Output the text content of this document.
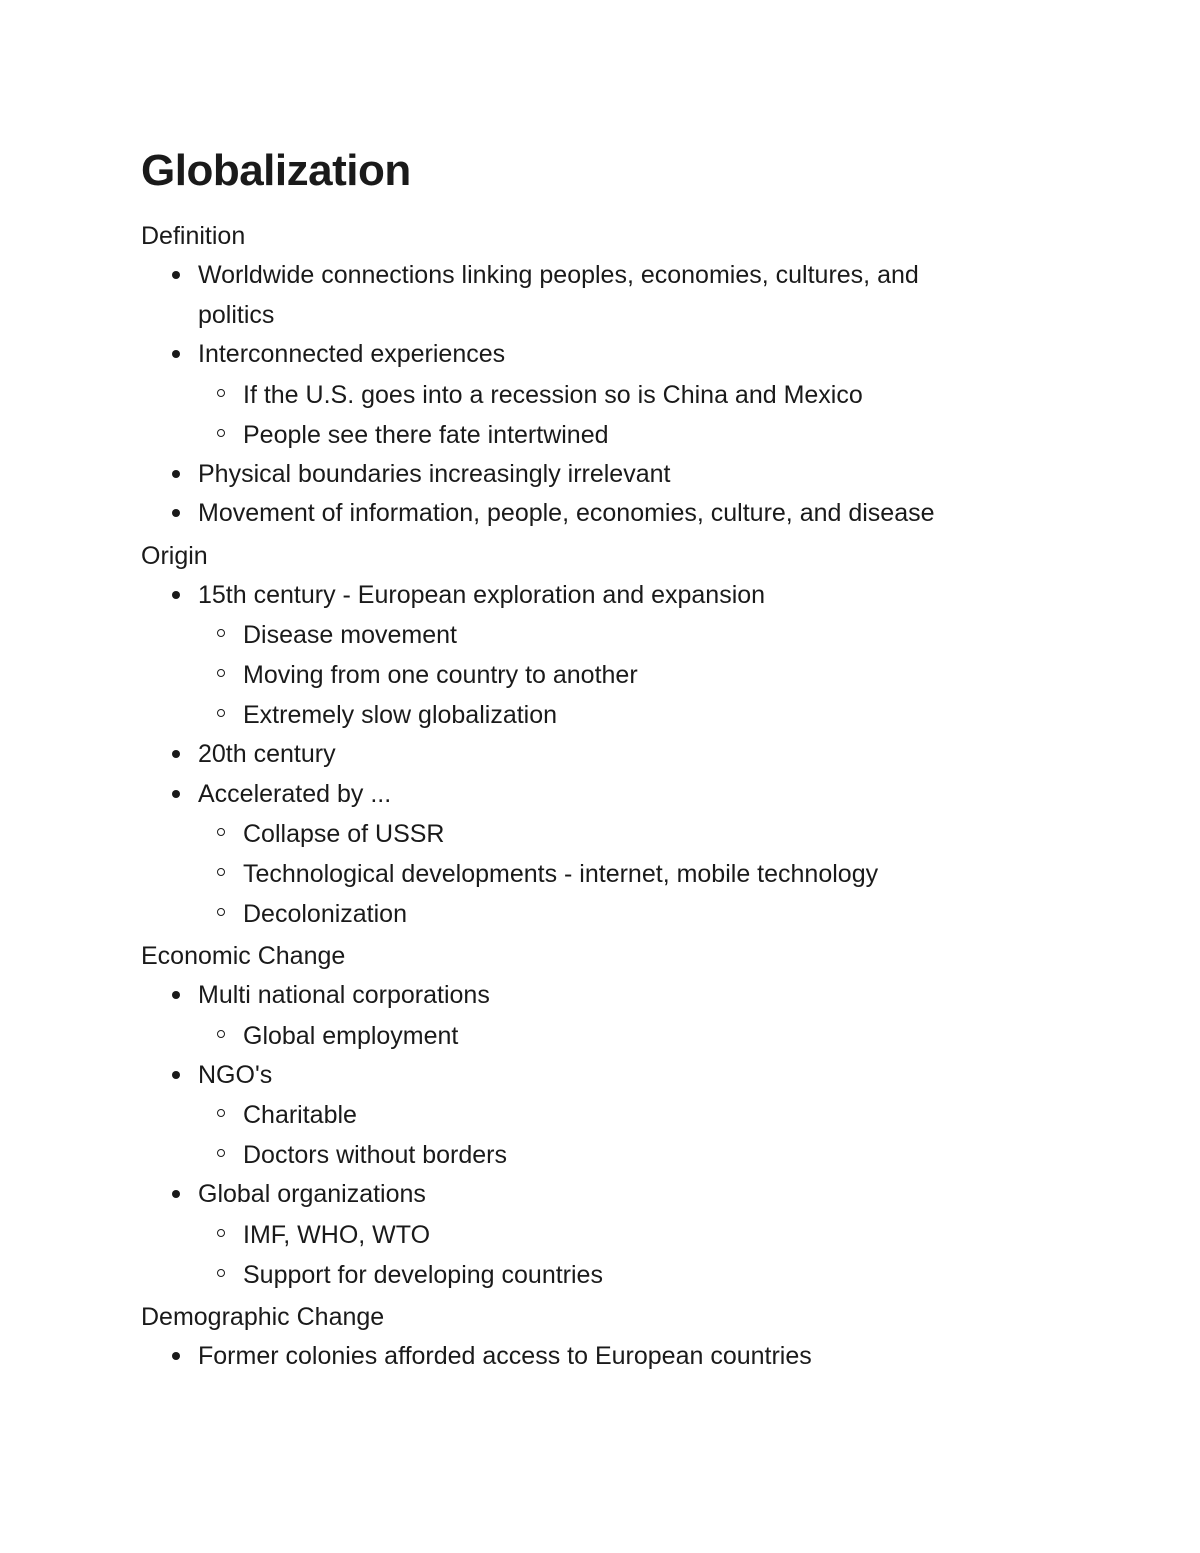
Globalization
Definition
Worldwide connections linking peoples, economies, cultures, and politics
Interconnected experiences
If the U.S. goes into a recession so is China and Mexico
People see there fate intertwined
Physical boundaries increasingly irrelevant
Movement of information, people, economies, culture, and disease
Origin
15th century - European exploration and expansion
Disease movement
Moving from one country to another
Extremely slow globalization
20th century
Accelerated by ...
Collapse of USSR
Technological developments - internet, mobile technology
Decolonization
Economic Change
Multi national corporations
Global employment
NGO's
Charitable
Doctors without borders
Global organizations
IMF, WHO, WTO
Support for developing countries
Demographic Change
Former colonies afforded access to European countries
